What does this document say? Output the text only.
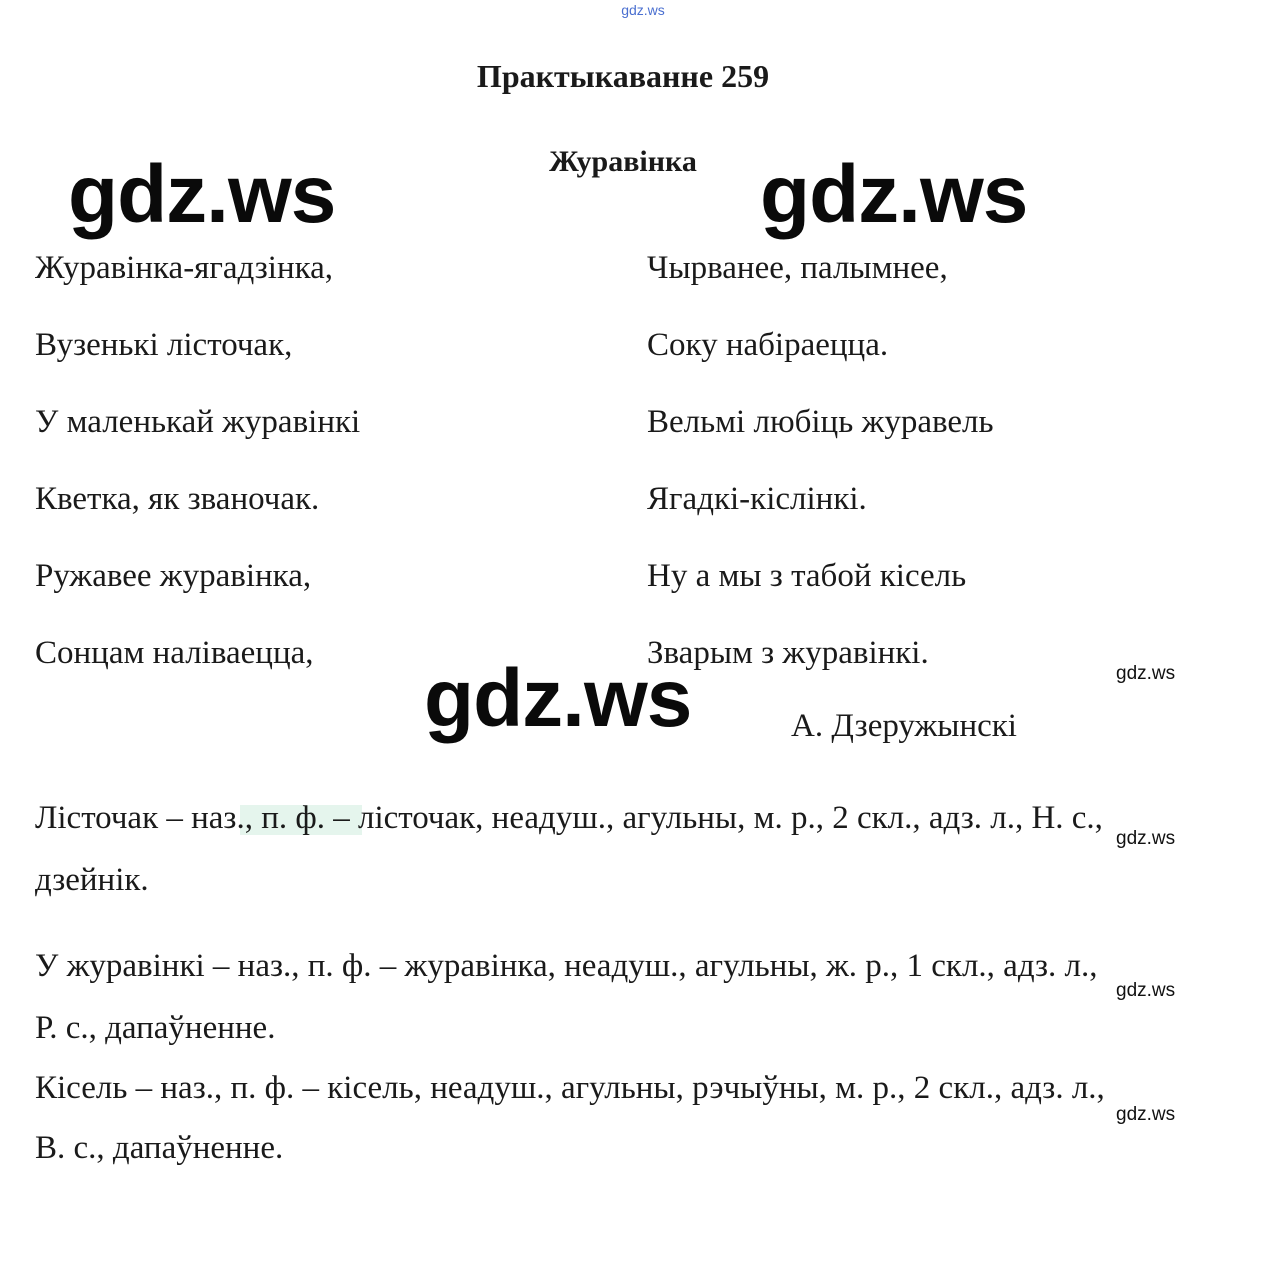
gdz.ws
Практыкаванне 259
Журавінка
gdz.ws	gdz.ws
Журавінка-ягадзінка,
Вузенькі лісточак,
У маленькай журавінкі
Кветка, як званочак.
Ружавее журавінка,
Сонцам наліваецца,
Чырванее, палымнее,
Соку набіраецца.
Вельмі любіць журавель
Ягадкі-кіслінкі.
Ну а мы з табой кісель
Зварым з журавінкі.
gdz.ws	gdz.ws
А. Дзеружынскі
Лісточак – наз., п. ф. – лісточак, неадуш., агульны, м. р., 2 скл., адз. л., Н. с.,
дзейнік.
gdz.ws
У журавінкі – наз., п. ф. – журавінка, неадуш., агульны, ж. р., 1 скл., адз. л.,
Р. с., дапаўненне.
gdz.ws
Кісель – наз., п. ф. – кісель, неадуш., агульны, рэчыўны, м. р., 2 скл., адз. л.,
В. с., дапаўненне.
gdz.ws
